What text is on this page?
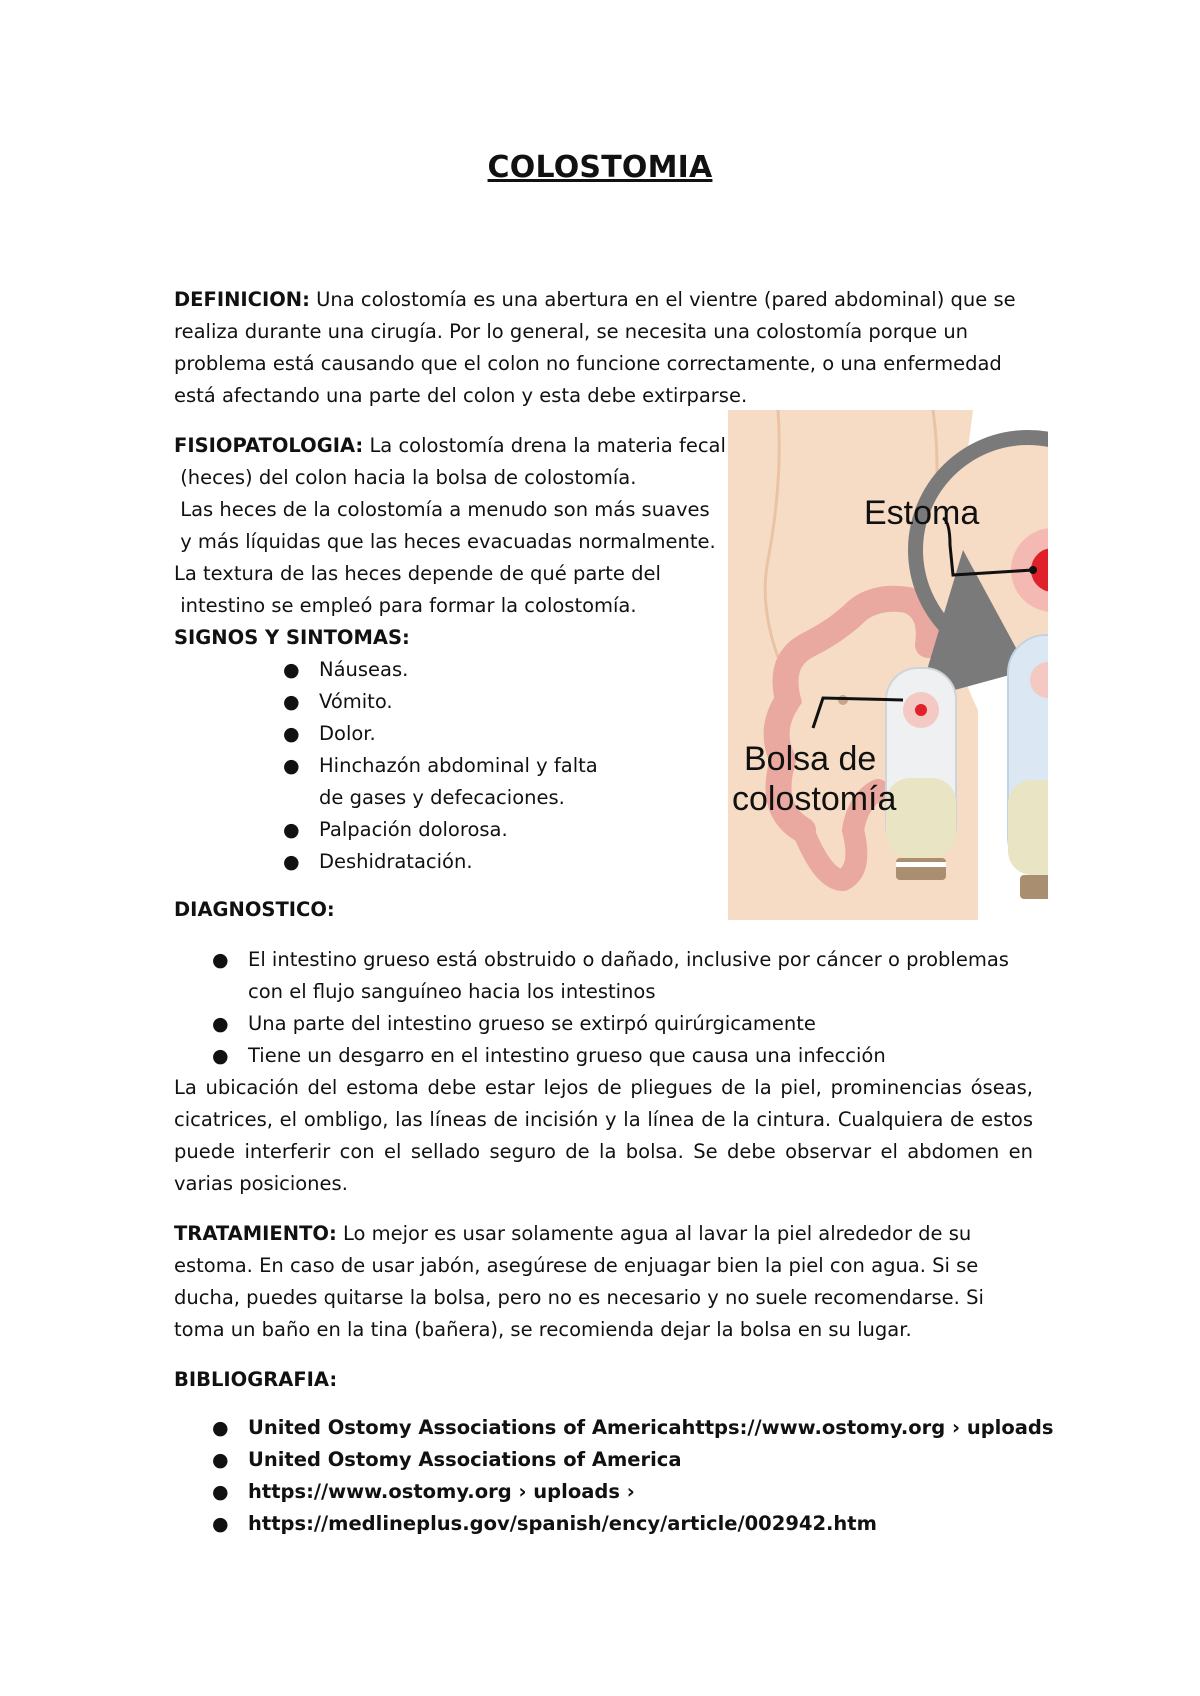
COLOSTOMIA
DEFINICION: Una colostomía es una abertura en el vientre (pared abdominal) que se
realiza durante una cirugía. Por lo general, se necesita una colostomía porque un
problema está causando que el colon no funcione correctamente, o una enfermedad
está afectando una parte del colon y esta debe extirparse.
FISIOPATOLOGIA: La colostomía drena la materia fecal
(heces) del colon hacia la bolsa de colostomía.
Las heces de la colostomía a menudo son más suaves
y más líquidas que las heces evacuadas normalmente.
La textura de las heces depende de qué parte del
intestino se empleó para formar la colostomía.
SIGNOS Y SINTOMAS:
● Náuseas.
● Vómito.
● Dolor.
● Hinchazón abdominal y falta
de gases y defecaciones.
● Palpación dolorosa.
● Deshidratación.
Estoma
Bolsa de
colostomía
DIAGNOSTICO:
● El intestino grueso está obstruido o dañado, inclusive por cáncer o problemas
con el flujo sanguíneo hacia los intestinos
● Una parte del intestino grueso se extirpó quirúrgicamente
● Tiene un desgarro en el intestino grueso que causa una infección
La ubicación del estoma debe estar lejos de pliegues de la piel, prominencias óseas, cicatrices, el ombligo, las líneas de incisión y la línea de la cintura. Cualquiera de estos puede interferir con el sellado seguro de la bolsa. Se debe observar el abdomen en varias posiciones.
TRATAMIENTO: Lo mejor es usar solamente agua al lavar la piel alrededor de su
estoma. En caso de usar jabón, asegúrese de enjuagar bien la piel con agua. Si se
ducha, puedes quitarse la bolsa, pero no es necesario y no suele recomendarse. Si
toma un baño en la tina (bañera), se recomienda dejar la bolsa en su lugar.
BIBLIOGRAFIA:
● United Ostomy Associations of Americahttps://www.ostomy.org › uploads
● United Ostomy Associations of America
● https://www.ostomy.org › uploads ›
● https://medlineplus.gov/spanish/ency/article/002942.htm
